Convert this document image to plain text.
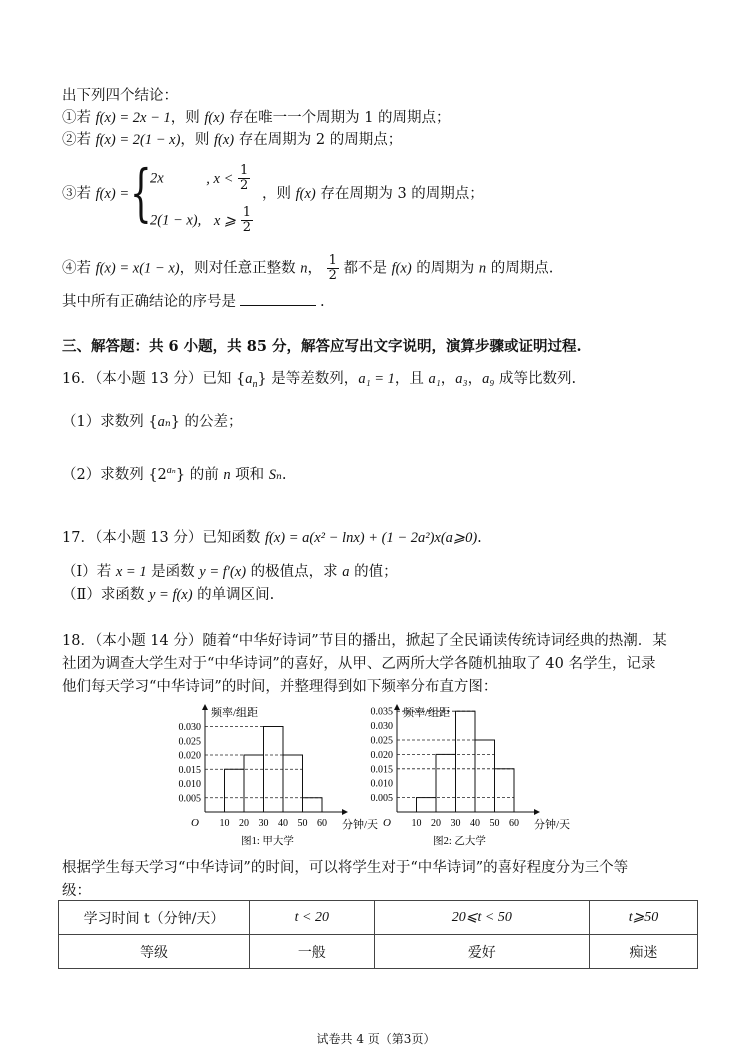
出下列四个结论：
①若 f(x) = 2x − 1，则 f(x) 存在唯一一个周期为 1 的周期点；
②若 f(x) = 2(1 − x)，则 f(x) 存在周期为 2 的周期点；
③若 f(x) = {
2x	, $x < \frac{1}{2}$
2(1 − x), x ⩾ $\frac{1}{2}$
，则 f(x) 存在周期为 3 的周期点；
④若 f(x) = x(1 − x)，则对任意正整数 n， $\frac{1}{2}$ 都不是 f(x) 的周期为 n 的周期点.
其中所有正确结论的序号是	.
三、解答题：共 6 小题，共 85 分，解答应写出文字说明，演算步骤或证明过程.
16．（本小题 13 分）已知 $\{a_n\}$ 是等差数列，a₁ = 1，且 a₁，a₃，a₉ 成等比数列.
（1）求数列 {aₙ} 的公差；
（2）求数列 $\{2^{a_n}\}$ 的前 n 项和 Sₙ.
17．（本小题 13 分）已知函数 f(x) = a(x² − lnx) + (1 − 2a²)x(a⩾0).
（Ⅰ）若 x = 1 是函数 y = f′(x) 的极值点，求 a 的值；
（Ⅱ）求函数 y = f(x) 的单调区间.
18．（本小题 14 分）随着“中华好诗词”节目的播出，掀起了全民诵读传统诗词经典的热潮．某
社团为调查大学生对于“中华诗词”的喜好，从甲、乙两所大学各随机抽取了 40 名学生，记录
他们每天学习“中华诗词”的时间，并整理得到如下频率分布直方图：
0.005
0.010
0.015
0.020
0.025
0.030
10 20 30 40 50 60
O
频率/组距
分钟/天
图1: 甲大学
0.005
0.010
0.015
0.020
0.025
0.030
0.035
10 20 30 40 50 60
O
频率/组距
分钟/天
图2: 乙大学
根据学生每天学习“中华诗词”的时间，可以将学生对于“中华诗词”的喜好程度分为三个等
级：
学习时间 t（分钟/天）	t < 20	20⩽t < 50	t⩾50
等级	一般	爱好	痴迷
试卷共 4 页（第3页）
